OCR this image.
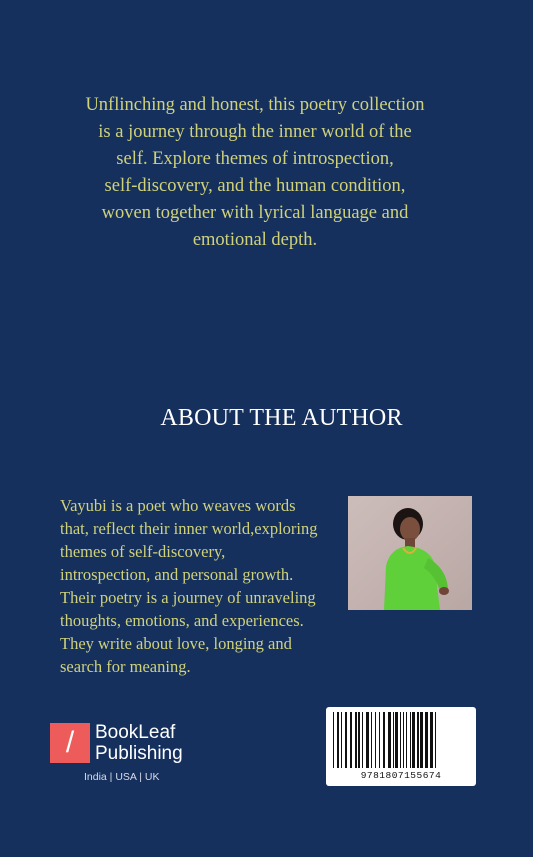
Unflinching and honest, this poetry collection
is a journey through the inner world of the
self. Explore themes of introspection,
self-discovery, and the human condition,
woven together with lyrical language and
emotional depth.
ABOUT THE AUTHOR
Vayubi is a poet who weaves words
that, reflect their inner world,exploring
themes of self-discovery,
introspection, and personal growth.
Their poetry is a journey of unraveling
thoughts, emotions, and experiences.
They write about love, longing and
search for meaning.
/	BookLeaf
Publishing
India | USA | UK	9781807155674
